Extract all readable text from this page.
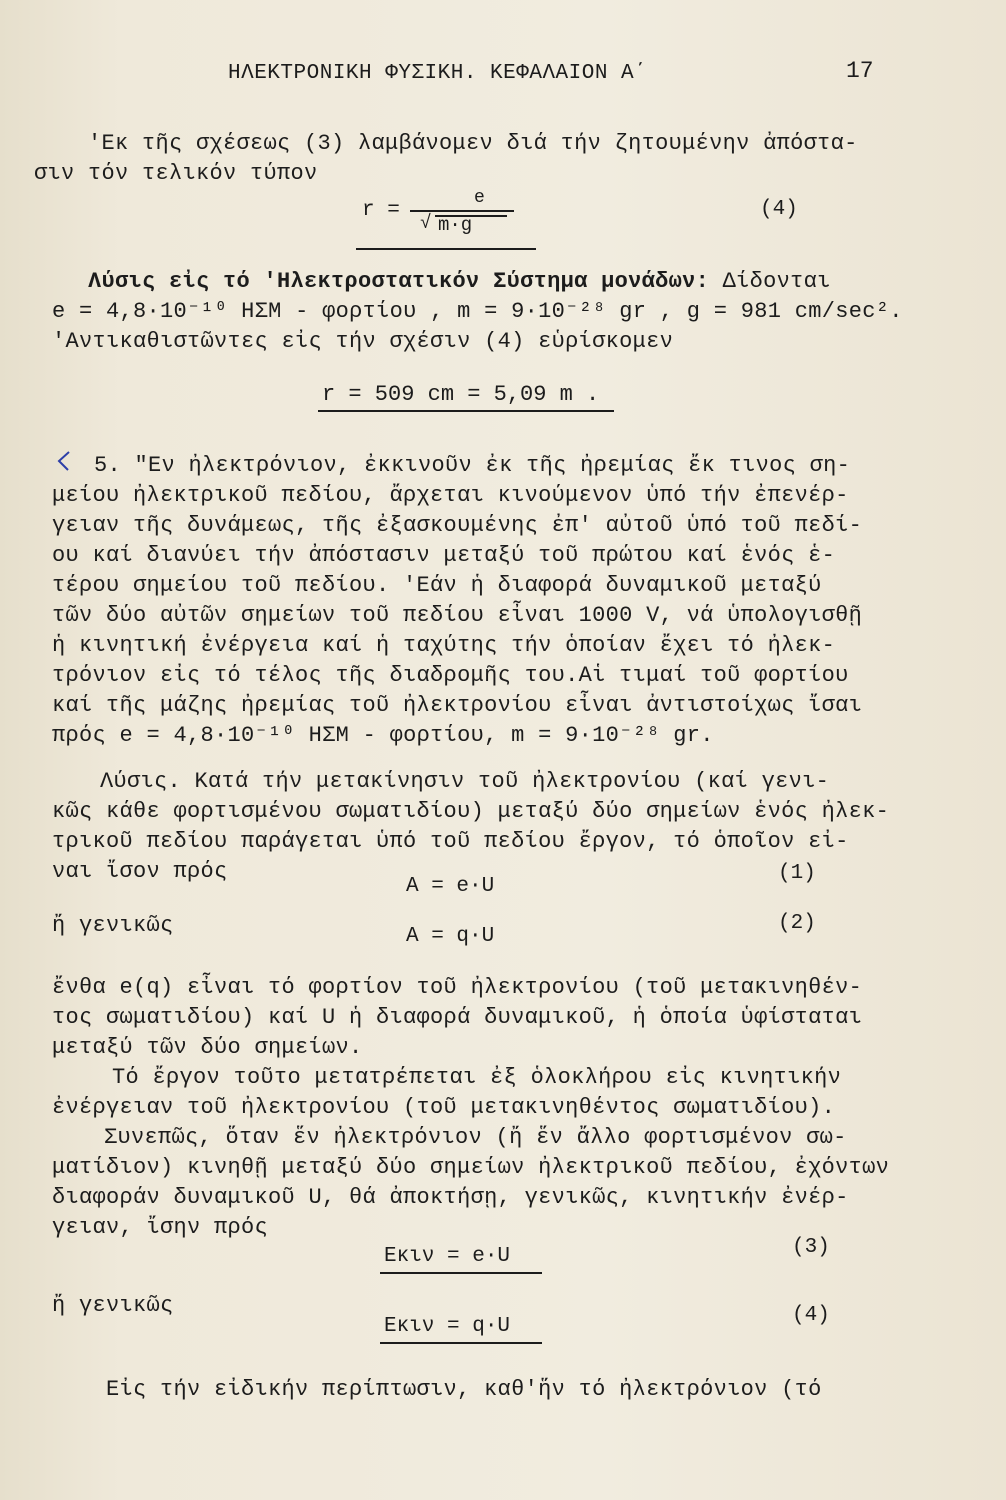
ΗΛΕΚΤΡΟΝΙΚΗ ΦΥΣΙΚΗ. ΚΕΦΑΛΑΙΟΝ Α΄	17
'Εκ τῆς σχέσεως (3) λαμβάνομεν διά τήν ζητουμένην ἀπόστα-
σιν τόν τελικόν τύπον
r =
e
√ m·g
(4)
Λύσις εἰς τό 'Ηλεκτροστατικόν Σύστημα μονάδων: Δίδονται
e = 4,8·10⁻¹⁰ ΗΣΜ - φορτίου , m = 9·10⁻²⁸ gr , g = 981 cm/sec².
'Αντικαθιστῶντες εἰς τήν σχέσιν (4) εὑρίσκομεν
r = 509 cm = 5,09 m .
5. "Εν ἠλεκτρόνιον, ἐκκινοῦν ἐκ τῆς ἠρεμίας ἔκ τινος ση-
μείου ἠλεκτρικοῦ πεδίου, ἄρχεται κινούμενον ὑπό τήν ἐπενέρ-
γειαν τῆς δυνάμεως, τῆς ἐξασκουμένης ἐπ' αὐτοῦ ὑπό τοῦ πεδί-
ου καί διανύει τήν ἀπόστασιν μεταξύ τοῦ πρώτου καί ἑνός ἑ-
τέρου σημείου τοῦ πεδίου. 'Εάν ἡ διαφορά δυναμικοῦ μεταξύ
τῶν δύο αὐτῶν σημείων τοῦ πεδίου εἶναι 1000 V, νά ὑπολογισθῇ
ἡ κινητική ἐνέργεια καί ἡ ταχύτης τήν ὁποίαν ἔχει τό ἠλεκ-
τρόνιον εἰς τό τέλος τῆς διαδρομῆς του.Αἱ τιμαί τοῦ φορτίου
καί τῆς μάζης ἠρεμίας τοῦ ἠλεκτρονίου εἶναι ἀντιστοίχως ἴσαι
πρός e = 4,8·10⁻¹⁰ ΗΣΜ - φορτίου, m = 9·10⁻²⁸ gr.
Λύσις. Κατά τήν μετακίνησιν τοῦ ἠλεκτρονίου (καί γενι-
κῶς κάθε φορτισμένου σωματιδίου) μεταξύ δύο σημείων ἑνός ἠλεκ-
τρικοῦ πεδίου παράγεται ὑπό τοῦ πεδίου ἔργον, τό ὁποῖον εἰ-
ναι ἴσον πρός
A = e·U
(1)
ἤ γενικῶς	A = q·U
(2)
ἔνθα e(q) εἶναι τό φορτίον τοῦ ἠλεκτρονίου (τοῦ μετακινηθέν-
τος σωματιδίου) καί U ἡ διαφορά δυναμικοῦ, ἡ ὁποία ὑφίσταται
μεταξύ τῶν δύο σημείων.
Τό ἔργον τοῦτο μετατρέπεται ἐξ ὁλοκλήρου εἰς κινητικήν
ἐνέργειαν τοῦ ἠλεκτρονίου (τοῦ μετακινηθέντος σωματιδίου).
Συνεπῶς, ὅταν ἕν ἠλεκτρόνιον (ἤ ἕν ἄλλο φορτισμένον σω-
ματίδιον) κινηθῇ μεταξύ δύο σημείων ἠλεκτρικοῦ πεδίου, ἐχόντων
διαφοράν δυναμικοῦ U, θά ἀποκτήσῃ, γενικῶς, κινητικήν ἐνέρ-
γειαν, ἴσην πρός
Eκιν = e·U	(3)
ἤ γενικῶς
Eκιν = q·U	(4)
Εἰς τήν εἰδικήν περίπτωσιν, καθ'ἥν τό ἠλεκτρόνιον (τό
